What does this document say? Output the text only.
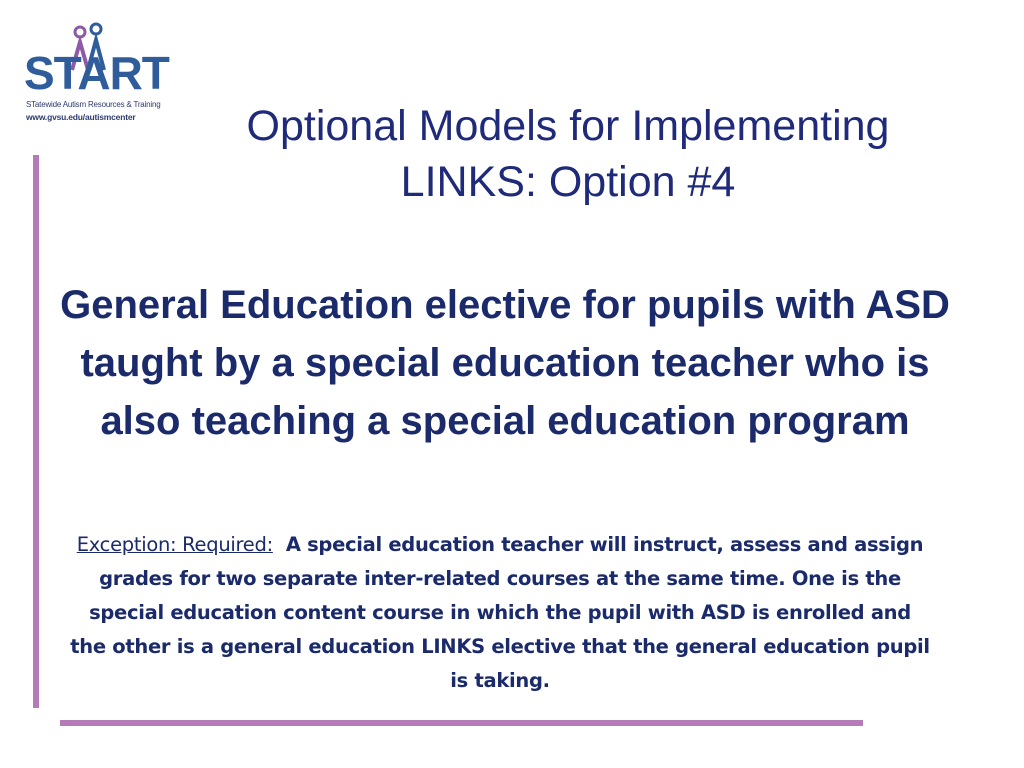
START
STatewide Autism Resources & Training
www.gvsu.edu/autismcenter	Optional Models for Implementing
LINKS: Option #4

General Education elective for pupils with ASD taught by a special education teacher who is also teaching a special education program

Exception: Required: A special education teacher will instruct, assess and assign grades for two separate inter-related courses at the same time. One is the special education content course in which the pupil with ASD is enrolled and the other is a general education LINKS elective that the general education pupil is taking.
